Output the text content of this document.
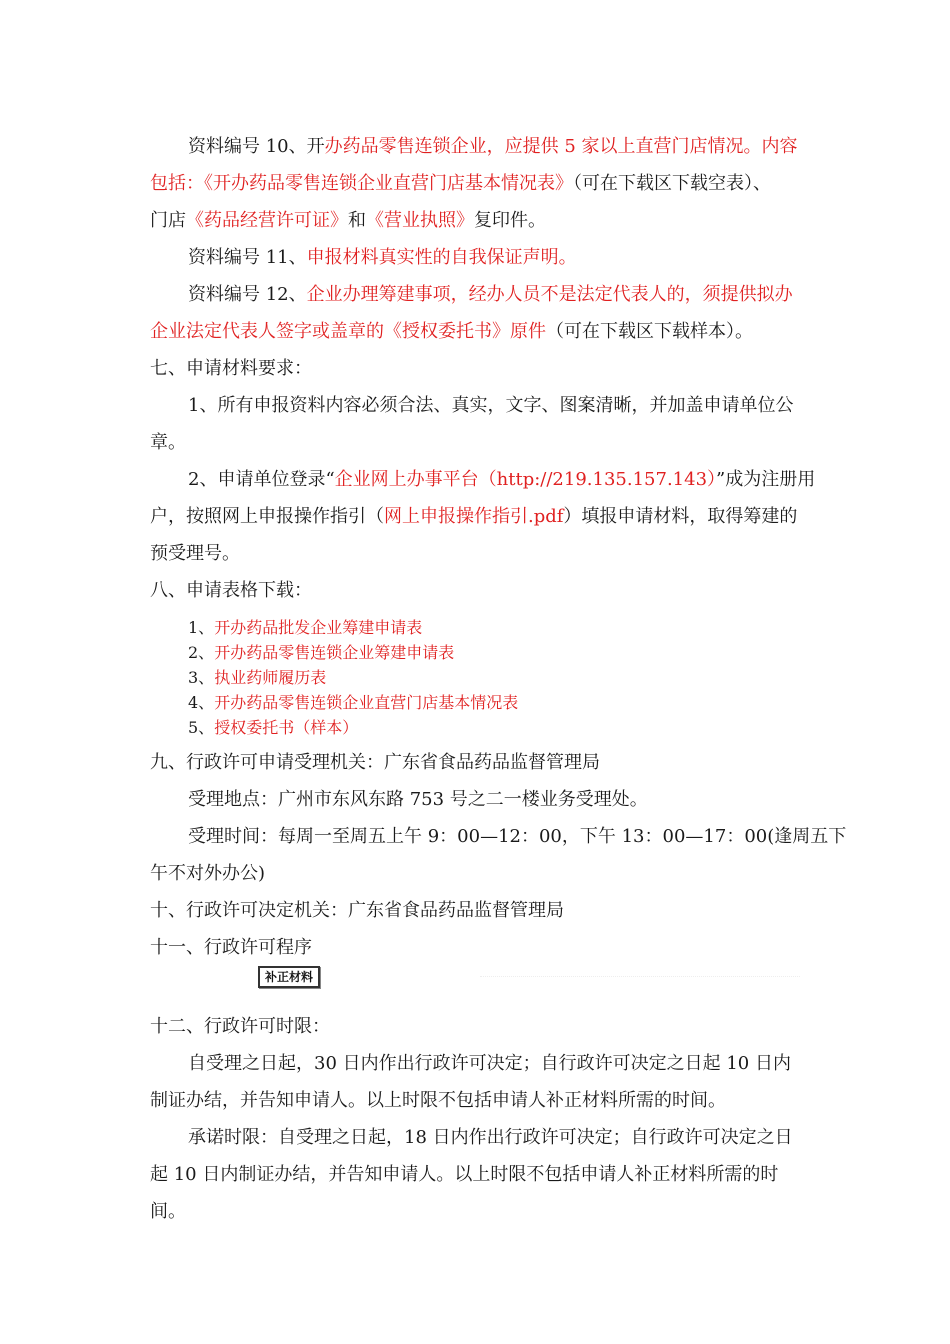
资料编号 10、开办药品零售连锁企业，应提供 5 家以上直营门店情况。内容
包括：《开办药品零售连锁企业直营门店基本情况表》（可在下载区下载空表）、
门店《药品经营许可证》和《营业执照》复印件。
资料编号 11、申报材料真实性的自我保证声明。
资料编号 12、企业办理筹建事项，经办人员不是法定代表人的，须提供拟办
企业法定代表人签字或盖章的《授权委托书》原件（可在下载区下载样本）。
七、申请材料要求：
1、所有申报资料内容必须合法、真实，文字、图案清晰，并加盖申请单位公
章。
2、申请单位登录“企业网上办事平台（http://219.135.157.143）”成为注册用
户，按照网上申报操作指引（网上申报操作指引.pdf）填报申请材料，取得筹建的
预受理号。
八、申请表格下载：
1、开办药品批发企业筹建申请表
2、开办药品零售连锁企业筹建申请表
3、执业药师履历表
4、开办药品零售连锁企业直营门店基本情况表
5、授权委托书（样本）
九、行政许可申请受理机关：广东省食品药品监督管理局
受理地点：广州市东风东路 753 号之二一楼业务受理处。
受理时间：每周一至周五上午 9：00—12：00，下午 13：00—17：00(逢周五下
午不对外办公)
十、行政许可决定机关：广东省食品药品监督管理局
十一、行政许可程序
补正材料
十二、行政许可时限：
自受理之日起，30 日内作出行政许可决定；自行政许可决定之日起 10 日内
制证办结，并告知申请人。以上时限不包括申请人补正材料所需的时间。
承诺时限：自受理之日起，18 日内作出行政许可决定；自行政许可决定之日
起 10 日内制证办结，并告知申请人。以上时限不包括申请人补正材料所需的时
间。
